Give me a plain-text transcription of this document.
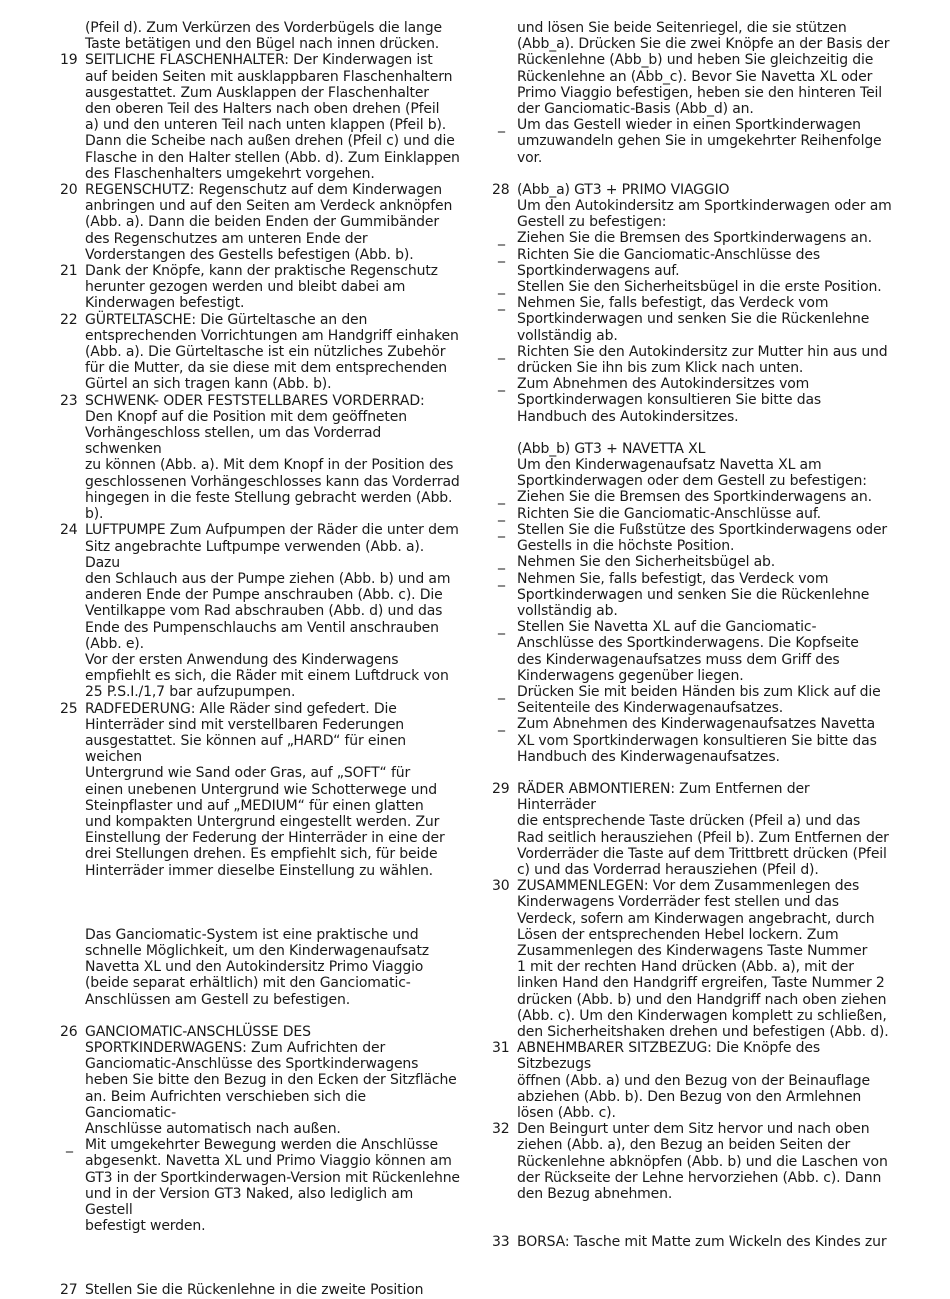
(Pfeil d). Zum Verkürzen des Vorderbügels die lange
Taste betätigen und den Bügel nach innen drücken.
19 SEITLICHE FLASCHENHALTER: Der Kinderwagen ist
auf beiden Seiten mit ausklappbaren Flaschenhaltern
ausgestattet. Zum Ausklappen der Flaschenhalter
den oberen Teil des Halters nach oben drehen (Pfeil
a) und den unteren Teil nach unten klappen (Pfeil b).
Dann die Scheibe nach außen drehen (Pfeil c) und die
Flasche in den Halter stellen (Abb. d). Zum Einklappen
des Flaschenhalters umgekehrt vorgehen.
20 REGENSCHUTZ: Regenschutz auf dem Kinderwagen
anbringen und auf den Seiten am Verdeck anknöpfen
(Abb. a). Dann die beiden Enden der Gummibänder
des Regenschutzes am unteren Ende der
Vorderstangen des Gestells befestigen (Abb. b).
21 Dank der Knöpfe, kann der praktische Regenschutz
herunter gezogen werden und bleibt dabei am
Kinderwagen befestigt.
22 GÜRTELTASCHE: Die Gürteltasche an den
entsprechenden Vorrichtungen am Handgriff einhaken
(Abb. a). Die Gürteltasche ist ein nützliches Zubehör
für die Mutter, da sie diese mit dem entsprechenden
Gürtel an sich tragen kann (Abb. b).
23 SCHWENK- ODER FESTSTELLBARES VORDERRAD:
Den Knopf auf die Position mit dem geöffneten
Vorhängeschloss stellen, um das Vorderrad schwenken
zu können (Abb. a). Mit dem Knopf in der Position des
geschlossenen Vorhängeschlosses kann das Vorderrad
hingegen in die feste Stellung gebracht werden (Abb.
b).
24 LUFTPUMPE Zum Aufpumpen der Räder die unter dem
Sitz angebrachte Luftpumpe verwenden (Abb. a). Dazu
den Schlauch aus der Pumpe ziehen (Abb. b) und am
anderen Ende der Pumpe anschrauben (Abb. c). Die
Ventilkappe vom Rad abschrauben (Abb. d) und das
Ende des Pumpenschlauchs am Ventil anschrauben
(Abb. e).
Vor der ersten Anwendung des Kinderwagens
empfiehlt es sich, die Räder mit einem Luftdruck von
25 P.S.I./1,7 bar aufzupumpen.
25 RADFEDERUNG: Alle Räder sind gefedert. Die
Hinterräder sind mit verstellbaren Federungen
ausgestattet. Sie können auf „HARD“ für einen weichen
Untergrund wie Sand oder Gras, auf „SOFT“ für
einen unebenen Untergrund wie Schotterwege und
Steinpflaster und auf „MEDIUM“ für einen glatten
und kompakten Untergrund eingestellt werden. Zur
Einstellung der Federung der Hinterräder in eine der
drei Stellungen drehen. Es empfiehlt sich, für beide
Hinterräder immer dieselbe Einstellung zu wählen.
Das Ganciomatic-System ist eine praktische und
schnelle Möglichkeit, um den Kinderwagenaufsatz
Navetta XL und den Autokindersitz Primo Viaggio
(beide separat erhältlich) mit den Ganciomatic-
Anschlüssen am Gestell zu befestigen.
26 GANCIOMATIC-ANSCHLÜSSE DES
SPORTKINDERWAGENS: Zum Aufrichten der
Ganciomatic-Anschlüsse des Sportkinderwagens
heben Sie bitte den Bezug in den Ecken der Sitzfläche
an. Beim Aufrichten verschieben sich die Ganciomatic-
Anschlüsse automatisch nach außen.
_ Mit umgekehrter Bewegung werden die Anschlüsse
abgesenkt. Navetta XL und Primo Viaggio können am
GT3 in der Sportkinderwagen-Version mit Rückenlehne
und in der Version GT3 Naked, also lediglich am Gestell
befestigt werden.
27 Stellen Sie die Rückenlehne in die zweite Position
und lösen Sie beide Seitenriegel, die sie stützen
(Abb_a). Drücken Sie die zwei Knöpfe an der Basis der
Rückenlehne (Abb_b) und heben Sie gleichzeitig die
Rückenlehne an (Abb_c). Bevor Sie Navetta XL oder
Primo Viaggio befestigen, heben sie den hinteren Teil
der Ganciomatic-Basis (Abb_d) an.
_ Um das Gestell wieder in einen Sportkinderwagen
umzuwandeln gehen Sie in umgekehrter Reihenfolge
vor.
28 (Abb_a) GT3 + PRIMO VIAGGIO
Um den Autokindersitz am Sportkinderwagen oder am
Gestell zu befestigen:
_ Ziehen Sie die Bremsen des Sportkinderwagens an.
_ Richten Sie die Ganciomatic-Anschlüsse des
Sportkinderwagens auf.
_ Stellen Sie den Sicherheitsbügel in die erste Position.
_ Nehmen Sie, falls befestigt, das Verdeck vom
Sportkinderwagen und senken Sie die Rückenlehne
vollständig ab.
_ Richten Sie den Autokindersitz zur Mutter hin aus und
drücken Sie ihn bis zum Klick nach unten.
_ Zum Abnehmen des Autokindersitzes vom
Sportkinderwagen konsultieren Sie bitte das
Handbuch des Autokindersitzes.
(Abb_b) GT3 + NAVETTA XL
Um den Kinderwagenaufsatz Navetta XL am
Sportkinderwagen oder dem Gestell zu befestigen:
_ Ziehen Sie die Bremsen des Sportkinderwagens an.
_ Richten Sie die Ganciomatic-Anschlüsse auf.
_ Stellen Sie die Fußstütze des Sportkinderwagens oder
Gestells in die höchste Position.
_ Nehmen Sie den Sicherheitsbügel ab.
_ Nehmen Sie, falls befestigt, das Verdeck vom
Sportkinderwagen und senken Sie die Rückenlehne
vollständig ab.
_ Stellen Sie Navetta XL auf die Ganciomatic-
Anschlüsse des Sportkinderwagens. Die Kopfseite
des Kinderwagenaufsatzes muss dem Griff des
Kinderwagens gegenüber liegen.
_ Drücken Sie mit beiden Händen bis zum Klick auf die
Seitenteile des Kinderwagenaufsatzes.
_ Zum Abnehmen des Kinderwagenaufsatzes Navetta
XL vom Sportkinderwagen konsultieren Sie bitte das
Handbuch des Kinderwagenaufsatzes.
29 RÄDER ABMONTIEREN: Zum Entfernen der Hinterräder
die entsprechende Taste drücken (Pfeil a) und das
Rad seitlich herausziehen (Pfeil b). Zum Entfernen der
Vorderräder die Taste auf dem Trittbrett drücken (Pfeil
c) und das Vorderrad herausziehen (Pfeil d).
30 ZUSAMMENLEGEN: Vor dem Zusammenlegen des
Kinderwagens Vorderräder fest stellen und das
Verdeck, sofern am Kinderwagen angebracht, durch
Lösen der entsprechenden Hebel lockern. Zum
Zusammenlegen des Kinderwagens Taste Nummer
1 mit der rechten Hand drücken (Abb. a), mit der
linken Hand den Handgriff ergreifen, Taste Nummer 2
drücken (Abb. b) und den Handgriff nach oben ziehen
(Abb. c). Um den Kinderwagen komplett zu schließen,
den Sicherheitshaken drehen und befestigen (Abb. d).
31 ABNEHMBARER SITZBEZUG: Die Knöpfe des Sitzbezugs
öffnen (Abb. a) und den Bezug von der Beinauflage
abziehen (Abb. b). Den Bezug von den Armlehnen
lösen (Abb. c).
32 Den Beingurt unter dem Sitz hervor und nach oben
ziehen (Abb. a), den Bezug an beiden Seiten der
Rückenlehne abknöpfen (Abb. b) und die Laschen von
der Rückseite der Lehne hervorziehen (Abb. c). Dann
den Bezug abnehmen.
33 BORSA: Tasche mit Matte zum Wickeln des Kindes zur
